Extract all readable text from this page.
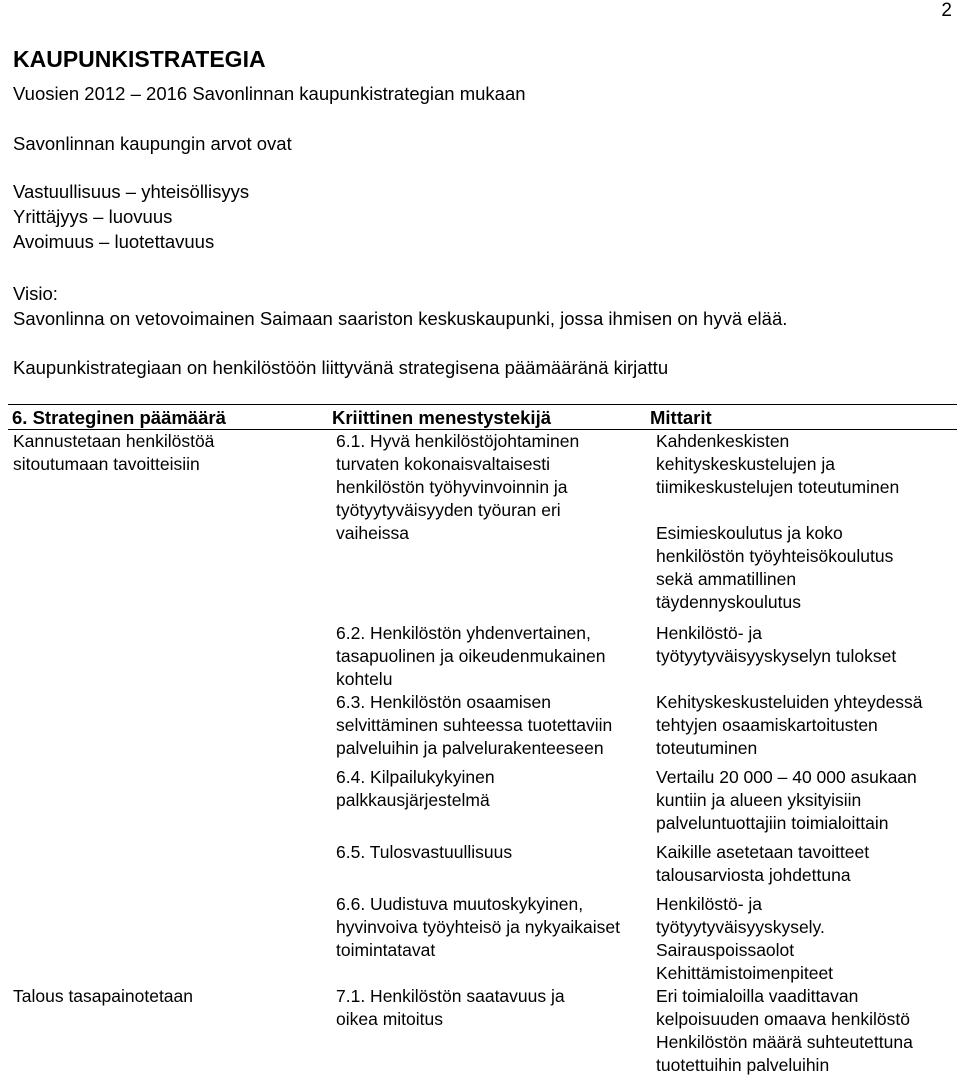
2
KAUPUNKISTRATEGIA
Vuosien 2012 – 2016 Savonlinnan kaupunkistrategian mukaan
Savonlinnan kaupungin arvot ovat
Vastuullisuus – yhteisöllisyys
Yrittäjyys – luovuus
Avoimuus – luotettavuus
Visio:
Savonlinna on vetovoimainen Saimaan saariston keskuskaupunki, jossa ihmisen on hyvä elää.
Kaupunkistrategiaan on henkilöstöön liittyvänä strategisena päämääränä kirjattu
6. Strateginen päämäärä	Kriittinen menestystekijä	Mittarit
Kannustetaan henkilöstöä sitoutumaan tavoitteisiin	6.1. Hyvä henkilöstöjohtaminen turvaten kokonaisvaltaisesti henkilöstön työhyvinvoinnin ja työtyytyväisyyden työuran eri vaiheissa	Kahdenkeskisten kehityskeskustelujen ja tiimikeskustelujen toteutuminen
Esimieskoulutus ja koko henkilöstön työyhteisökoulutus sekä ammatillinen täydennyskoulutus

	6.2. Henkilöstön yhdenvertainen, tasapuolinen ja oikeudenmukainen kohtelu	Henkilöstö- ja työtyytyväisyyskyselyn tulokset
	6.3. Henkilöstön osaamisen selvittäminen suhteessa tuotettaviin palveluihin ja palvelurakenteeseen	Kehityskeskusteluiden yhteydessä tehtyjen osaamiskartoitusten toteutuminen
	6.4. Kilpailukykyinen palkkausjärjestelmä	Vertailu 20 000 – 40 000 asukaan kuntiin ja alueen yksityisiin palveluntuottajiin toimialoittain
	6.5. Tulosvastuullisuus	Kaikille asetetaan tavoitteet talousarviosta johdettuna
	6.6. Uudistuva muutoskykyinen, hyvinvoiva työyhteisö ja nykyaikaiset toimintatavat	Henkilöstö- ja työtyytyväisyyskysely.
Sairauspoissaolot
Kehittämistoimenpiteet

Talous tasapainotetaan	7.1. Henkilöstön saatavuus ja oikea mitoitus	Eri toimialoilla vaadittavan kelpoisuuden omaava henkilöstö
Henkilöstön määrä suhteutettuna tuotettuihin palveluihin
